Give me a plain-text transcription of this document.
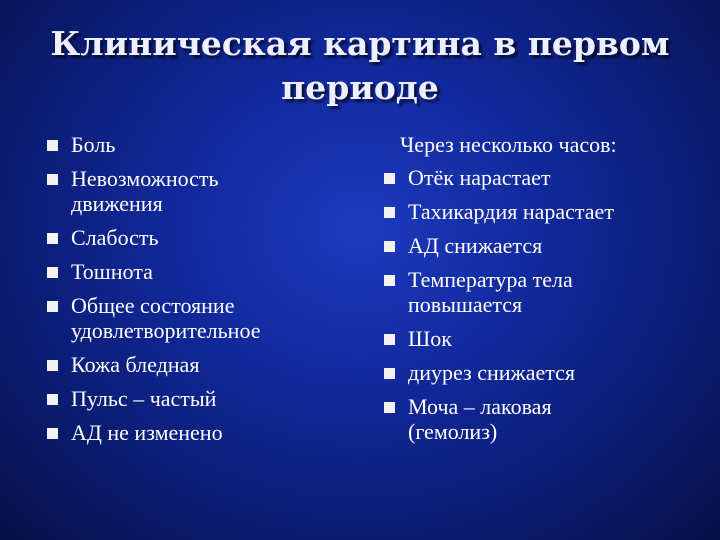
Клиническая картина в первом
периоде
Боль
Невозможность
движения
Слабость
Тошнота
Общее состояние
удовлетворительное
Кожа бледная
Пульс – частый
АД не изменено
Через несколько часов:
Отёк нарастает
Тахикардия нарастает
АД снижается
Температура тела
повышается
Шок
диурез снижается
Моча – лаковая
(гемолиз)
